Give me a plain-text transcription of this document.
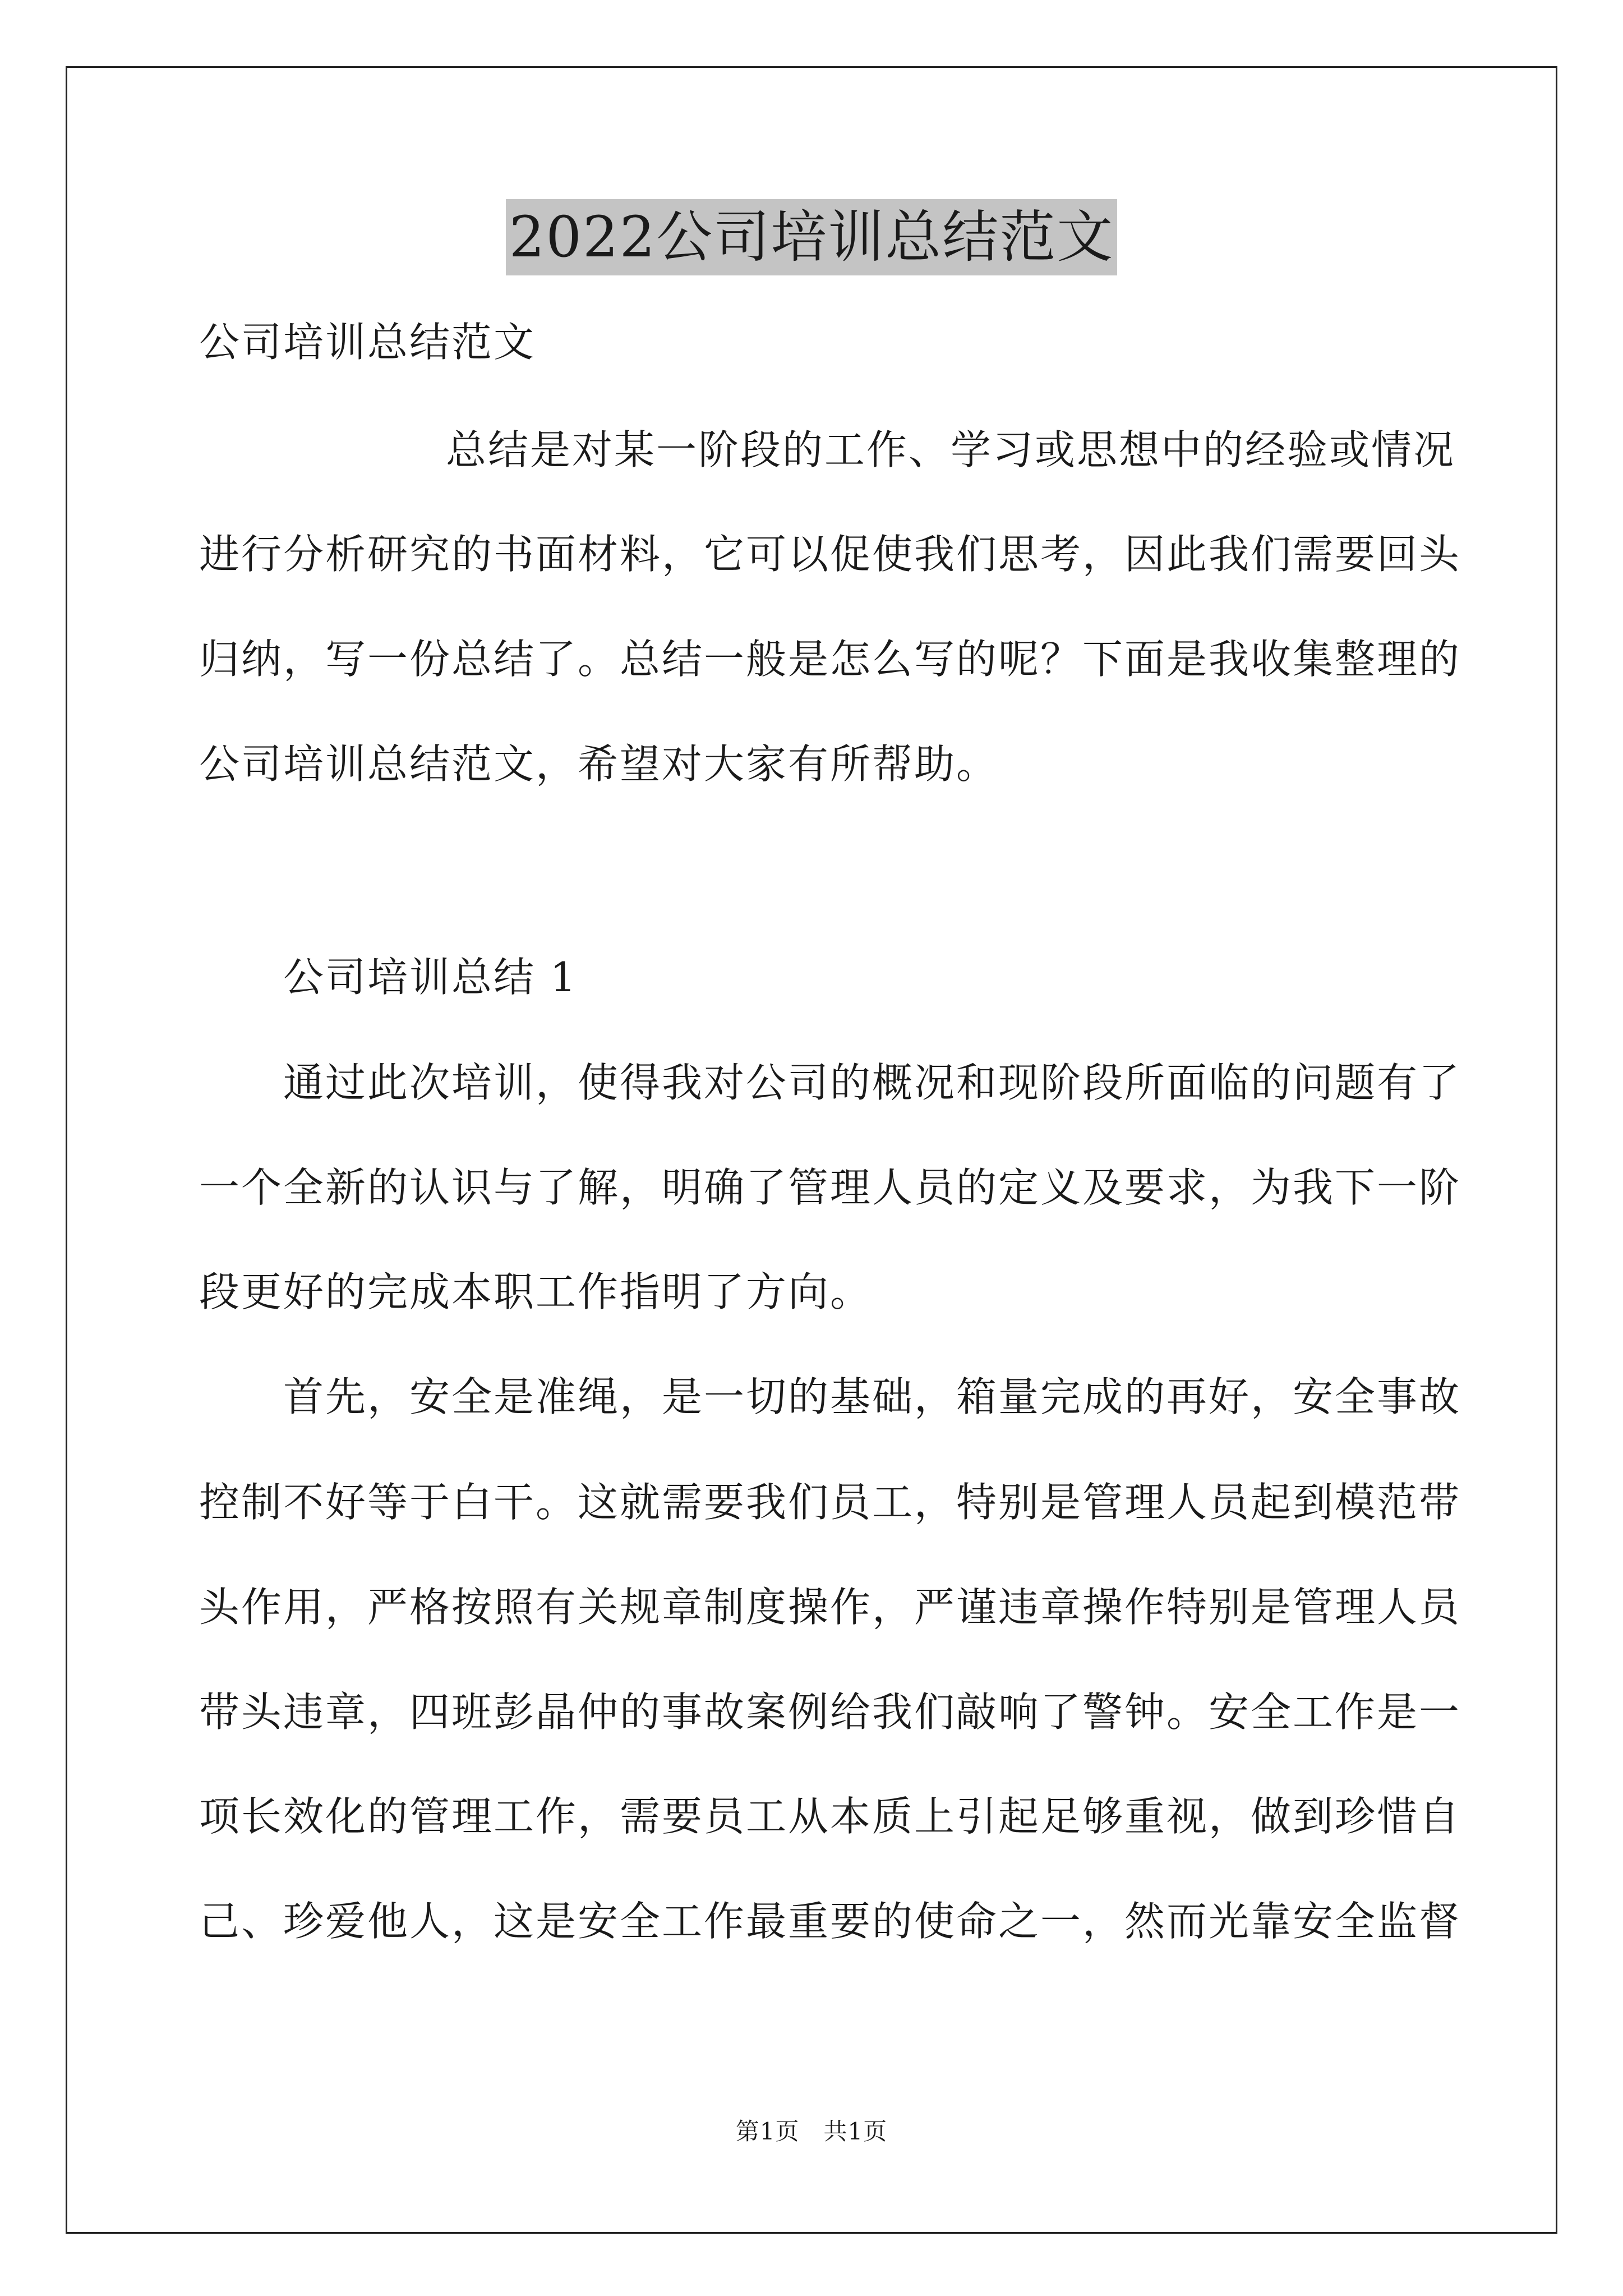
2022公司培训总结范文
公司培训总结范文
总结是对某一阶段的工作、学习或思想中的经验或情况
进行分析研究的书面材料，它可以促使我们思考，因此我们需要回头
归纳，写一份总结了。总结一般是怎么写的呢？下面是我收集整理的
公司培训总结范文，希望对大家有所帮助。
公司培训总结 1
通过此次培训，使得我对公司的概况和现阶段所面临的问题有了
一个全新的认识与了解，明确了管理人员的定义及要求，为我下一阶
段更好的完成本职工作指明了方向。
首先，安全是准绳，是一切的基础，箱量完成的再好，安全事故
控制不好等于白干。这就需要我们员工，特别是管理人员起到模范带
头作用，严格按照有关规章制度操作，严谨违章操作特别是管理人员
带头违章，四班彭晶仲的事故案例给我们敲响了警钟。安全工作是一
项长效化的管理工作，需要员工从本质上引起足够重视，做到珍惜自
己、珍爱他人，这是安全工作最重要的使命之一，然而光靠安全监督
第1页   共1页
